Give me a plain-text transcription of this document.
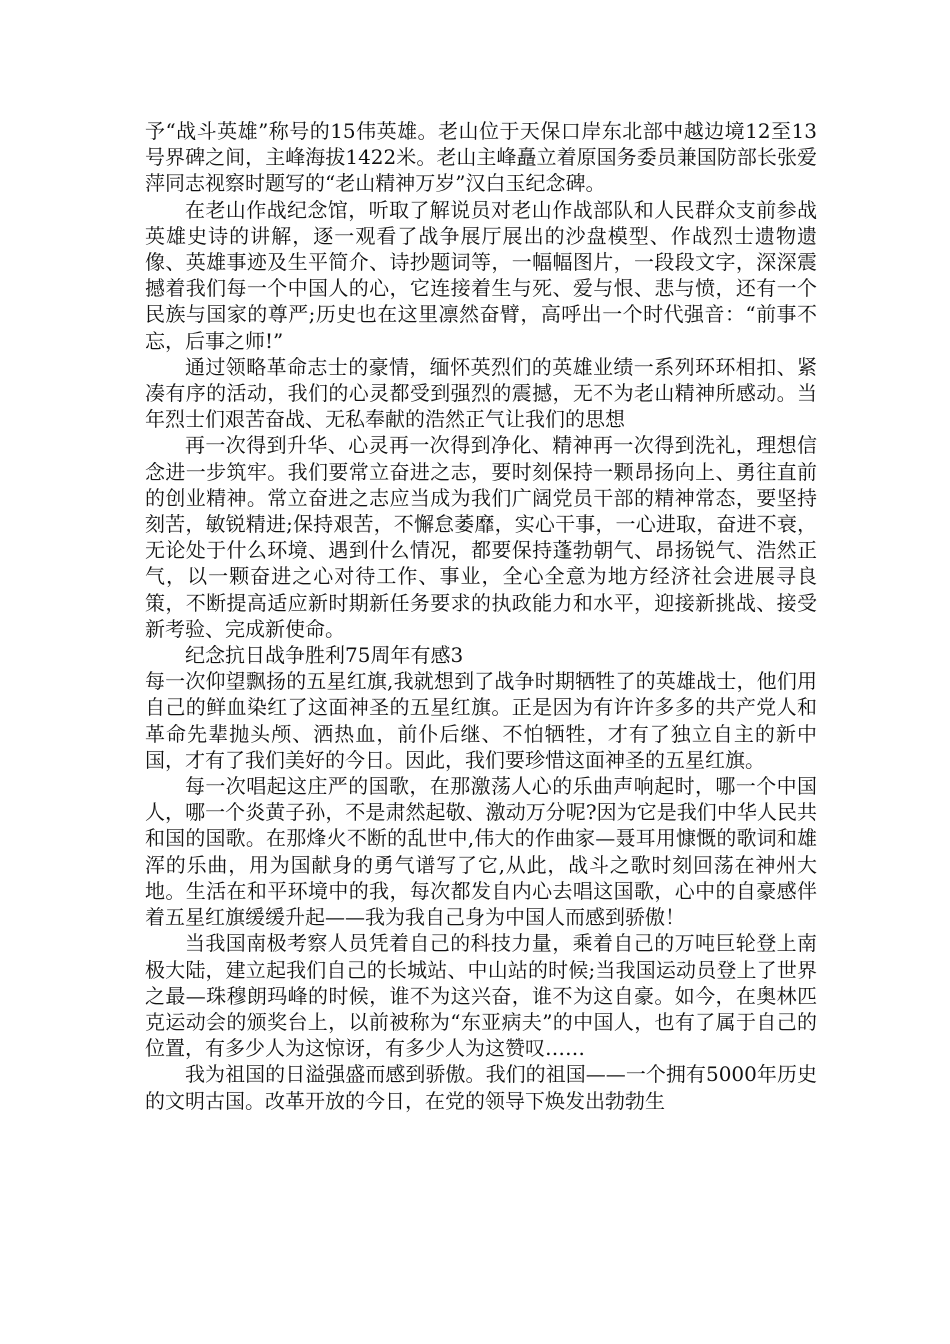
予“战斗英雄”称号的15伟英雄。老山位于天保口岸东北部中越边境12至13号界碑之间，主峰海拔1422米。老山主峰矗立着原国务委员兼国防部长张爱萍同志视察时题写的“老山精神万岁”汉白玉纪念碑。

在老山作战纪念馆，听取了解说员对老山作战部队和人民群众支前参战英雄史诗的讲解，逐一观看了战争展厅展出的沙盘模型、作战烈士遗物遗像、英雄事迹及生平简介、诗抄题词等，一幅幅图片，一段段文字，深深震撼着我们每一个中国人的心，它连接着生与死、爱与恨、悲与愤，还有一个民族与国家的尊严;历史也在这里凛然奋臂，高呼出一个时代强音：“前事不忘，后事之师!”

通过领略革命志士的豪情，缅怀英烈们的英雄业绩一系列环环相扣、紧凑有序的活动，我们的心灵都受到强烈的震撼，无不为老山精神所感动。当年烈士们艰苦奋战、无私奉献的浩然正气让我们的思想

再一次得到升华、心灵再一次得到净化、精神再一次得到洗礼，理想信念进一步筑牢。我们要常立奋进之志，要时刻保持一颗昂扬向上、勇往直前的创业精神。常立奋进之志应当成为我们广阔党员干部的精神常态，要坚持刻苦，敏锐精进;保持艰苦，不懈怠萎靡，实心干事，一心进取，奋进不衰，无论处于什么环境、遇到什么情况，都要保持蓬勃朝气、昂扬锐气、浩然正气，以一颗奋进之心对待工作、事业，全心全意为地方经济社会进展寻良策，不断提高适应新时期新任务要求的执政能力和水平，迎接新挑战、接受新考验、完成新使命。

纪念抗日战争胜利75周年有感3

每一次仰望飘扬的五星红旗,我就想到了战争时期牺牲了的英雄战士，他们用自己的鲜血染红了这面神圣的五星红旗。正是因为有许许多多的共产党人和革命先辈抛头颅、洒热血，前仆后继、不怕牺牲，才有了独立自主的新中国，才有了我们美好的今日。因此，我们要珍惜这面神圣的五星红旗。

每一次唱起这庄严的国歌，在那激荡人心的乐曲声响起时，哪一个中国人，哪一个炎黄子孙，不是肃然起敬、激动万分呢?因为它是我们中华人民共和国的国歌。在那烽火不断的乱世中,伟大的作曲家—聂耳用慷慨的歌词和雄浑的乐曲，用为国献身的勇气谱写了它,从此，战斗之歌时刻回荡在神州大地。生活在和平环境中的我，每次都发自内心去唱这国歌，心中的自豪感伴着五星红旗缓缓升起——我为我自己身为中国人而感到骄傲！

当我国南极考察人员凭着自己的科技力量，乘着自己的万吨巨轮登上南极大陆，建立起我们自己的长城站、中山站的时候;当我国运动员登上了世界之最—珠穆朗玛峰的时候，谁不为这兴奋，谁不为这自豪。如今，在奥林匹克运动会的颁奖台上，以前被称为“东亚病夫”的中国人，也有了属于自己的位置，有多少人为这惊讶，有多少人为这赞叹……

我为祖国的日溢强盛而感到骄傲。我们的祖国——一个拥有5000年历史的文明古国。改革开放的今日，在党的领导下焕发出勃勃生
